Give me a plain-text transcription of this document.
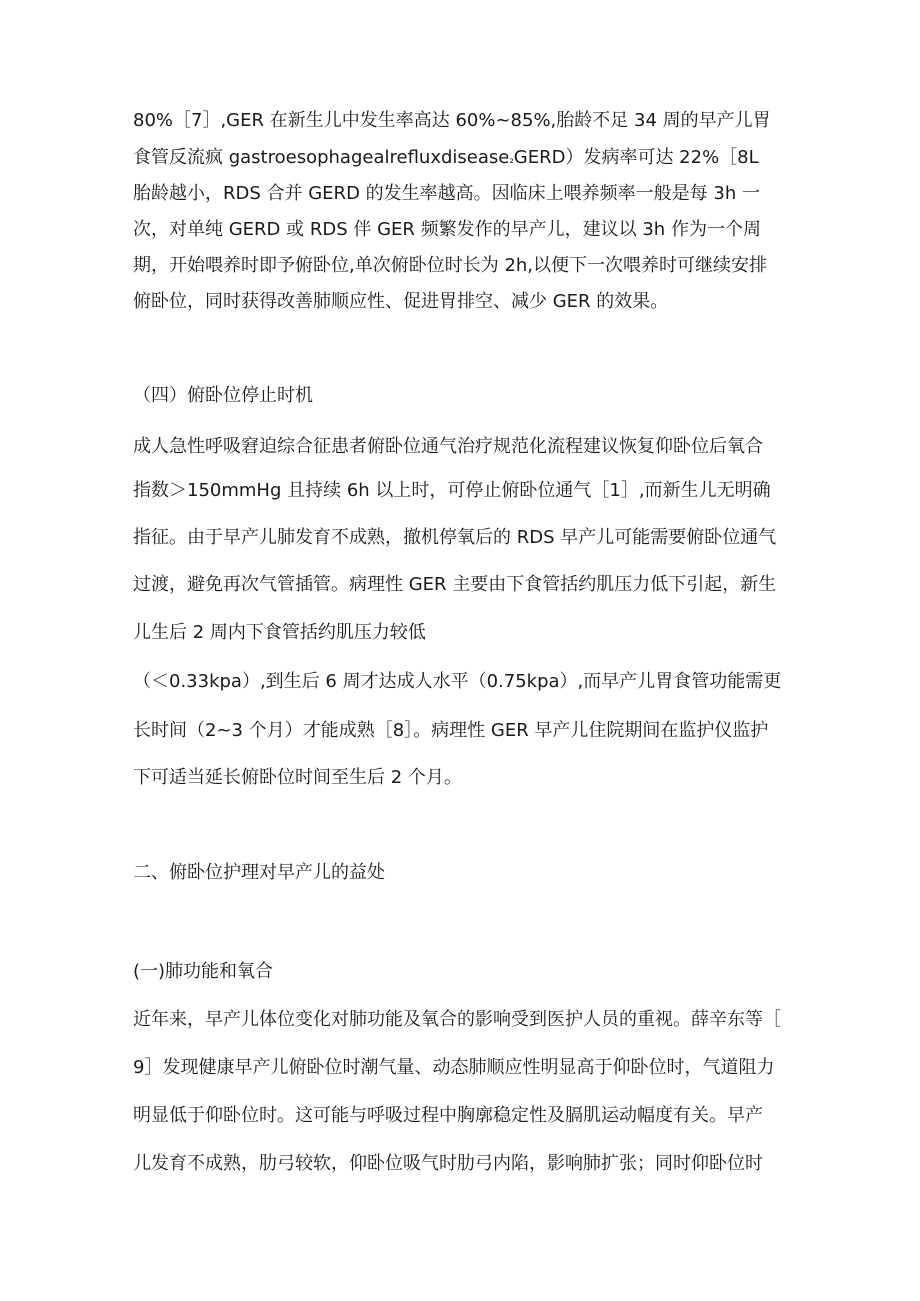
80%［7］,GER 在新生儿中发生率高达 60%~85%,胎龄不足 34 周的早产儿胃
食管反流疯 gastroesophagealrefluxdisease₂GERD）发病率可达 22%［8L
胎龄越小，RDS 合并 GERD 的发生率越高。因临床上喂养频率一般是每 3h 一
次，对单纯 GERD 或 RDS 伴 GER 频繁发作的早产儿，建议以 3h 作为一个周
期，开始喂养时即予俯卧位,单次俯卧位时长为 2h,以便下一次喂养时可继续安排
俯卧位，同时获得改善肺顺应性、促进胃排空、减少 GER 的效果。
（四）俯卧位停止时机
成人急性呼吸窘迫综合征患者俯卧位通气治疗规范化流程建议恢复仰卧位后氧合
指数＞150mmHg 且持续 6h 以上时，可停止俯卧位通气［1］,而新生儿无明确
指征。由于早产儿肺发育不成熟，撤机停氧后的 RDS 早产儿可能需要俯卧位通气
过渡，避免再次气管插管。病理性 GER 主要由下食管括约肌压力低下引起，新生
儿生后 2 周内下食管括约肌压力较低
（＜0.33kpa）,到生后 6 周才达成人水平（0.75kpa）,而早产儿胃食管功能需更
长时间（2~3 个月）才能成熟［8］。病理性 GER 早产儿住院期间在监护仪监护
下可适当延长俯卧位时间至生后 2 个月。
二、俯卧位护理对早产儿的益处
(一)肺功能和氧合
近年来，早产儿体位变化对肺功能及氧合的影响受到医护人员的重视。薛辛东等［
9］发现健康早产儿俯卧位时潮气量、动态肺顺应性明显高于仰卧位时，气道阻力
明显低于仰卧位时。这可能与呼吸过程中胸廓稳定性及膈肌运动幅度有关。早产
儿发育不成熟，肋弓较软，仰卧位吸气时肋弓内陷，影响肺扩张；同时仰卧位时
